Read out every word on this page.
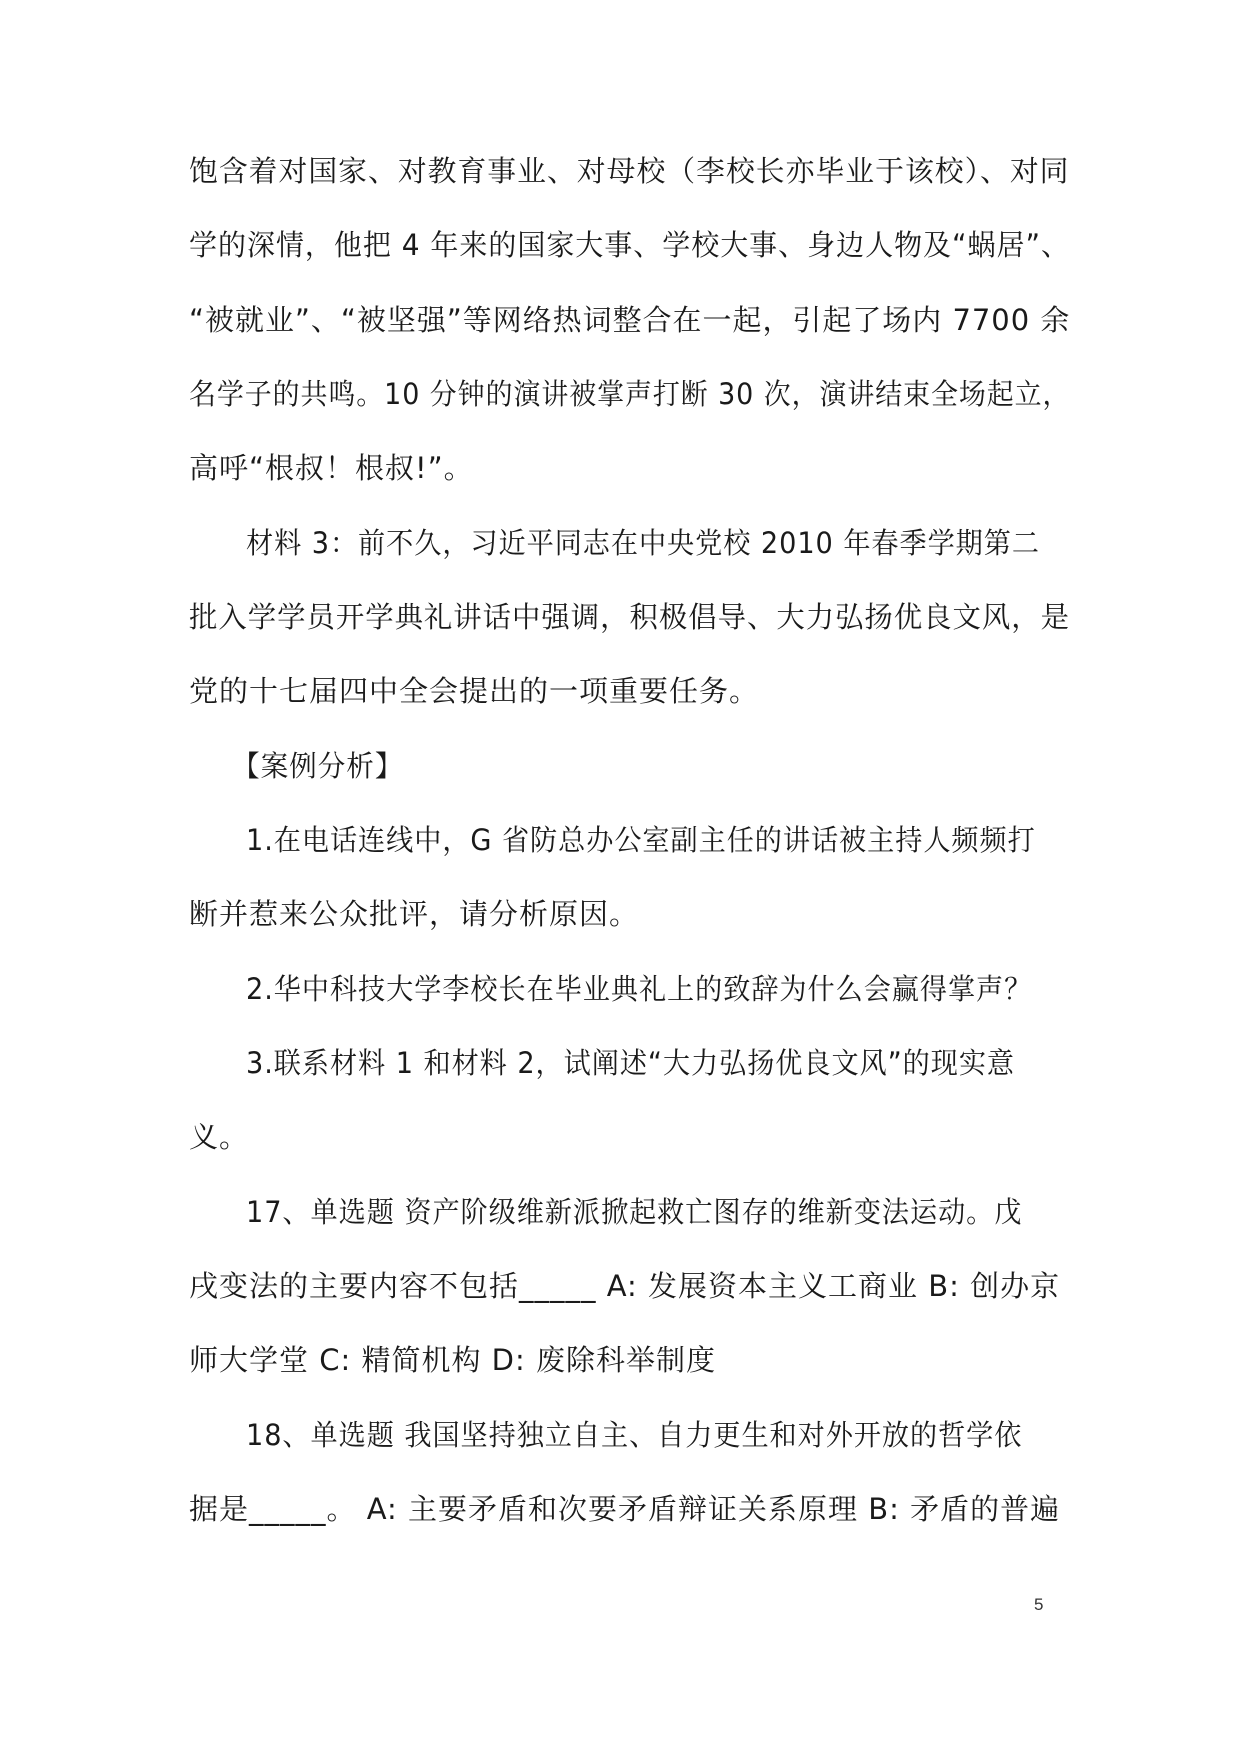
饱含着对国家、对教育事业、对母校（李校长亦毕业于该校）、对同
学的深情，他把 4 年来的国家大事、学校大事、身边人物及“蜗居”、
“被就业”、“被坚强”等网络热词整合在一起，引起了场内 7700 余
名学子的共鸣。10 分钟的演讲被掌声打断 30 次，演讲结束全场起立，
高呼“根叔！根叔!”。
材料 3：前不久，习近平同志在中央党校 2010 年春季学期第二
批入学学员开学典礼讲话中强调，积极倡导、大力弘扬优良文风，是
党的十七届四中全会提出的一项重要任务。
【案例分析】
1.在电话连线中，G 省防总办公室副主任的讲话被主持人频频打
断并惹来公众批评，请分析原因。
2.华中科技大学李校长在毕业典礼上的致辞为什么会赢得掌声？
3.联系材料 1 和材料 2，试阐述“大力弘扬优良文风”的现实意
义。
17、单选题 资产阶级维新派掀起救亡图存的维新变法运动。戊
戌变法的主要内容不包括_____ A: 发展资本主义工商业 B: 创办京
师大学堂 C: 精简机构 D: 废除科举制度
18、单选题 我国坚持独立自主、自力更生和对外开放的哲学依
据是_____。 A: 主要矛盾和次要矛盾辩证关系原理 B: 矛盾的普遍
5
